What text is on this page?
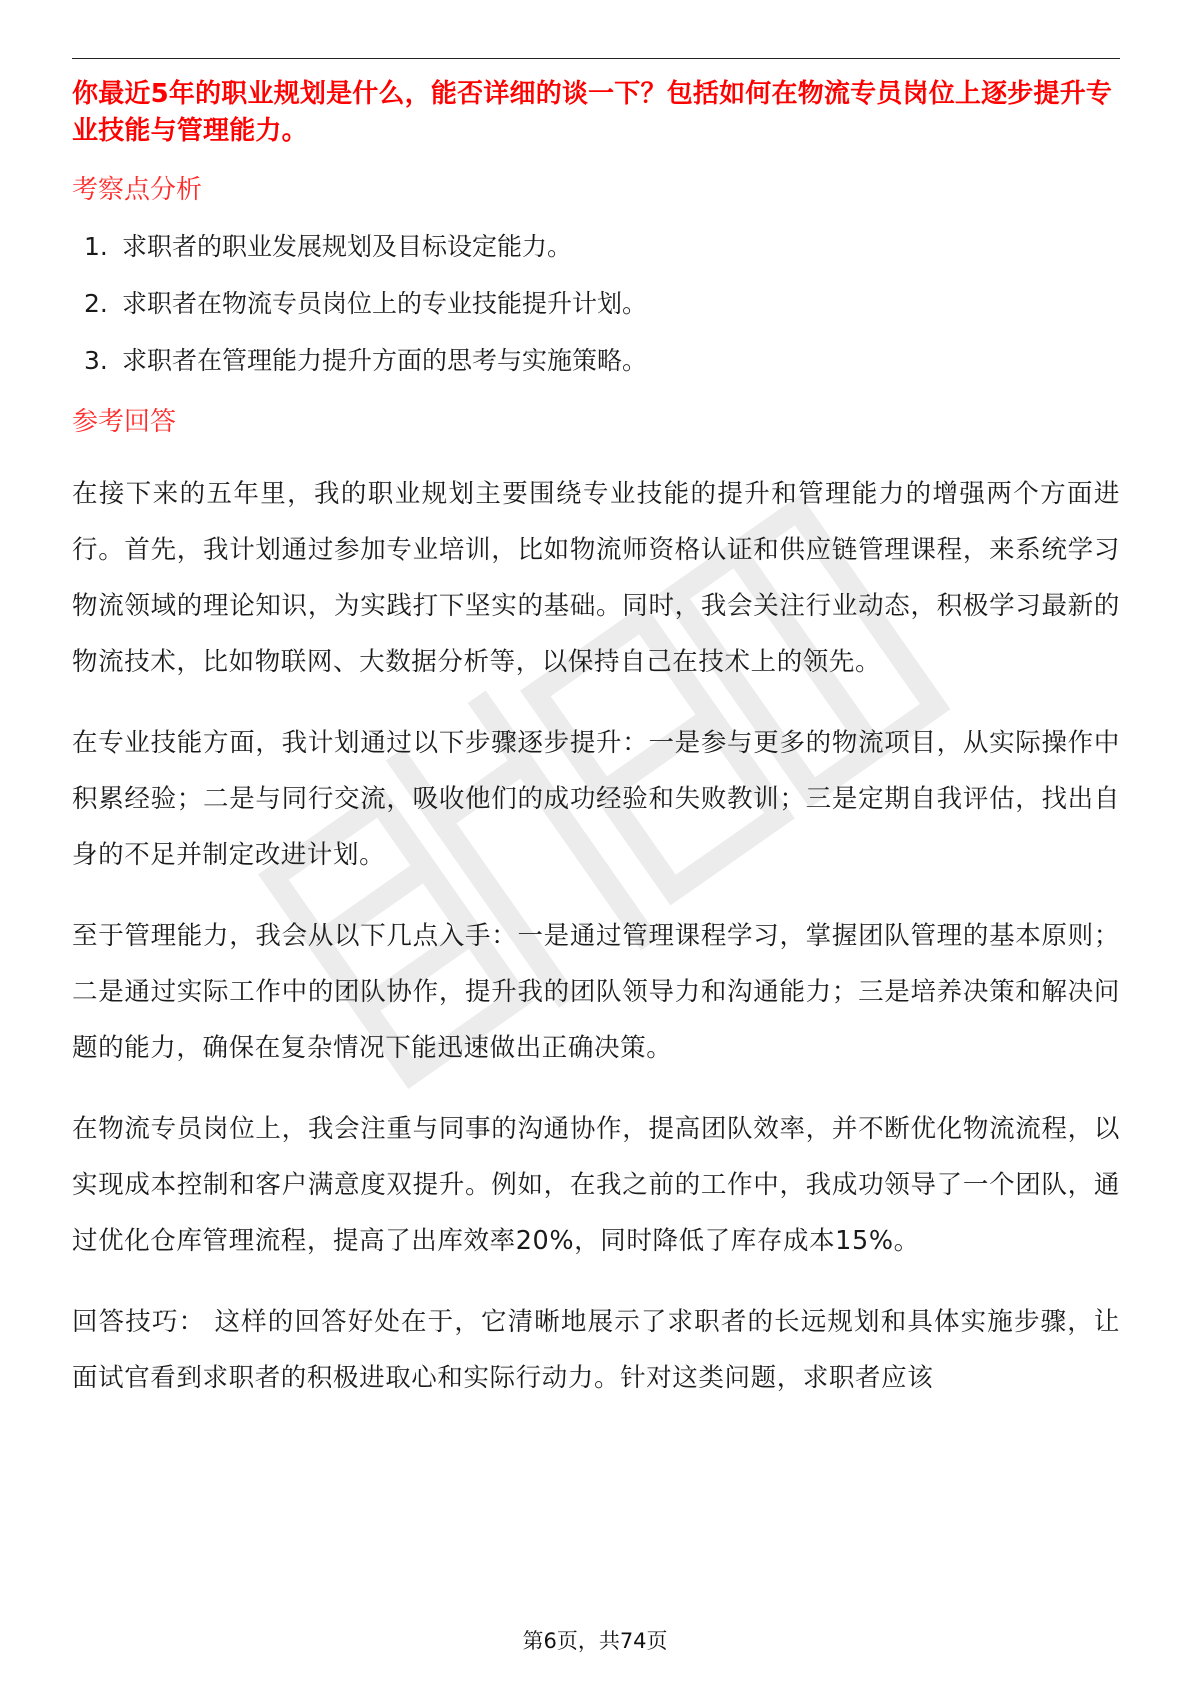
你最近5年的职业规划是什么，能否详细的谈一下？包括如何在物流专员岗位上逐步提升专业技能与管理能力。

考察点分析

1. 求职者的职业发展规划及目标设定能力。
2. 求职者在物流专员岗位上的专业技能提升计划。
3. 求职者在管理能力提升方面的思考与实施策略。

参考回答

在接下来的五年里，我的职业规划主要围绕专业技能的提升和管理能力的增强两个方面进行。首先，我计划通过参加专业培训，比如物流师资格认证和供应链管理课程，来系统学习物流领域的理论知识，为实践打下坚实的基础。同时，我会关注行业动态，积极学习最新的物流技术，比如物联网、大数据分析等，以保持自己在技术上的领先。

在专业技能方面，我计划通过以下步骤逐步提升：一是参与更多的物流项目，从实际操作中积累经验；二是与同行交流，吸收他们的成功经验和失败教训；三是定期自我评估，找出自身的不足并制定改进计划。

至于管理能力，我会从以下几点入手：一是通过管理课程学习，掌握团队管理的基本原则；二是通过实际工作中的团队协作，提升我的团队领导力和沟通能力；三是培养决策和解决问题的能力，确保在复杂情况下能迅速做出正确决策。

在物流专员岗位上，我会注重与同事的沟通协作，提高团队效率，并不断优化物流流程，以实现成本控制和客户满意度双提升。例如，在我之前的工作中，我成功领导了一个团队，通过优化仓库管理流程，提高了出库效率20%，同时降低了库存成本15%。

回答技巧： 这样的回答好处在于，它清晰地展示了求职者的长远规划和具体实施步骤，让面试官看到求职者的积极进取心和实际行动力。针对这类问题，求职者应该

第6页，共74页
